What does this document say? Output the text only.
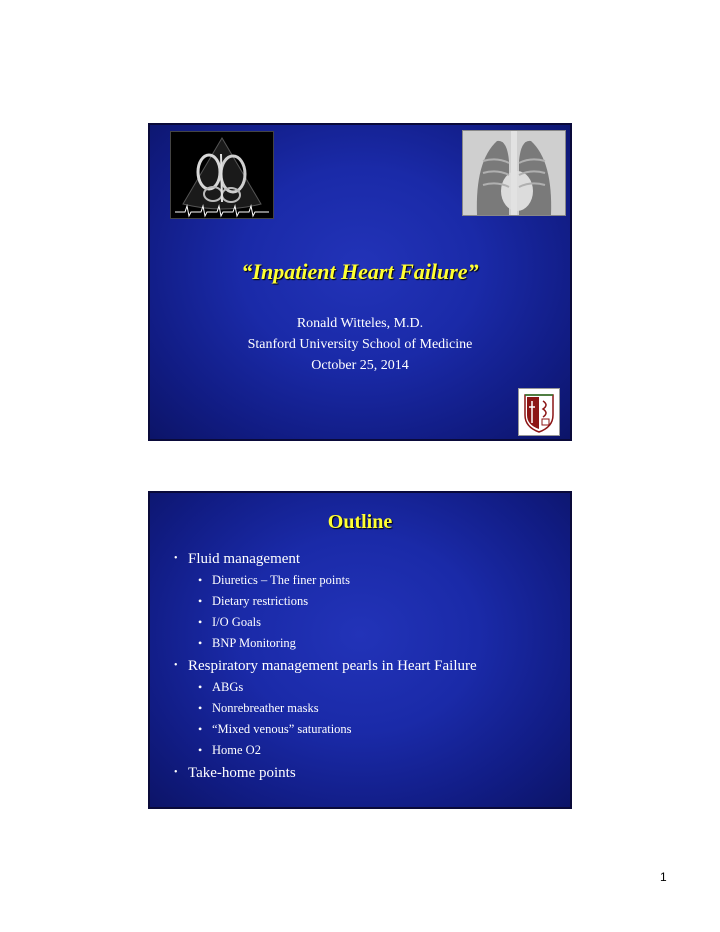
“Inpatient Heart Failure”
Ronald Witteles, M.D.
Stanford University School of Medicine
October 25, 2014
Outline
• Fluid management
• Diuretics – The finer points
• Dietary restrictions
• I/O Goals
• BNP Monitoring
• Respiratory management pearls in Heart Failure
• ABGs
• Nonrebreather masks
• “Mixed venous” saturations
• Home O2
• Take-home points
1
